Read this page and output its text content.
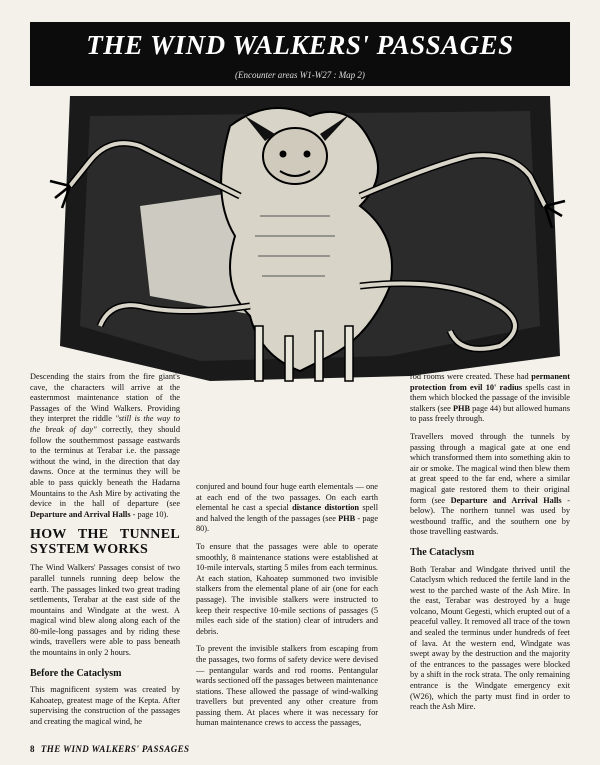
THE WIND WALKERS' PASSAGES
(Encounter areas W1-W27 : Map 2)

Descending the stairs from the fire giant's cave, the characters will arrive at the easternmost maintenance station of the Passages of the Wind Walkers. Providing they interpret the riddle "still is the way to the break of day" correctly, they should follow the southernmost passage eastwards to the terminus at Terabar i.e. the passage without the wind, in the direction that day dawns. Once at the terminus they will be able to pass quickly beneath the Hadarna Mountains to the Ash Mire by activating the device in the hall of departure (see Departure and Arrival Halls - page 10).

HOW THE TUNNEL SYSTEM WORKS

The Wind Walkers' Passages consist of two parallel tunnels running deep below the earth. The passages linked two great trading settlements, Terabar at the east side of the mountains and Windgate at the west. A magical wind blew along along each of the 80-mile-long passages and by riding these winds, travellers were able to pass beneath the mountains in only 2 hours.

Before the Cataclysm

This magnificent system was created by Kahoatep, greatest mage of the Kepta. After supervising the construction of the passages and creating the magical wind, he

conjured and bound four huge earth elementals — one at each end of the two passages. On each earth elemental he cast a special distance distortion spell and halved the length of the passages (see PHB - page 80).

To ensure that the passages were able to operate smoothly, 8 maintenance stations were established at 10-mile intervals, starting 5 miles from each terminus. At each station, Kahoatep summoned two invisible stalkers from the elemental plane of air (one for each passage). The invisible stalkers were instructed to keep their respective 10-mile sections of passages (5 miles each side of the station) clear of intruders and debris.

To prevent the invisible stalkers from escaping from the passages, two forms of safety device were devised — pentangular wards and rod rooms. Pentangular wards sectioned off the passages between maintenance stations. These allowed the passage of wind-walking travellers but prevented any other creature from passing them. At places where it was necessary for human maintenance crews to access the passages,

rod rooms were created. These had permanent protection from evil 10' radius spells cast in them which blocked the passage of the invisible stalkers (see PHB page 44) but allowed humans to pass freely through.

Travellers moved through the tunnels by passing through a magical gate at one end which transformed them into something akin to air or smoke. The magical wind then blew them at great speed to the far end, where a similar magical gate restored them to their original form (see Departure and Arrival Halls - below). The northern tunnel was used by westbound traffic, and the southern one by those travelling eastwards.

The Cataclysm

Both Terabar and Windgate thrived until the Cataclysm which reduced the fertile land in the west to the parched waste of the Ash Mire. In the east, Terabar was destroyed by a huge volcano, Mount Gegesti, which erupted out of a peaceful valley. It removed all trace of the town and sealed the terminus under hundreds of feet of lava. At the western end, Windgate was swept away by the destruction and the majority of the entrances to the passages were blocked by a shift in the rock strata. The only remaining entrance is the Windgate emergency exit (W26), which the party must find in order to reach the Ash Mire.

8 THE WIND WALKERS' PASSAGES
